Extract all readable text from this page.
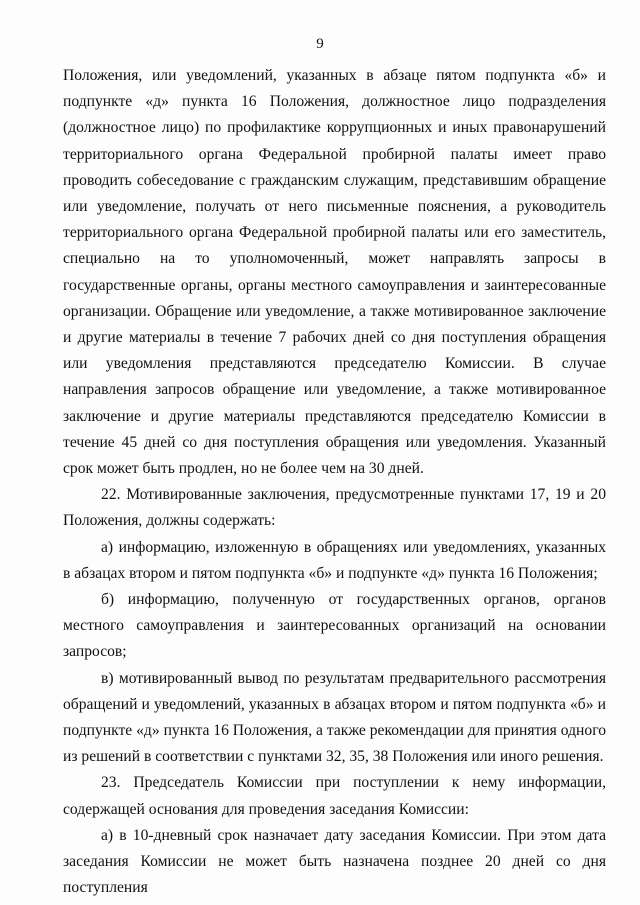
9

Положения, или уведомлений, указанных в абзаце пятом подпункта «б» и подпункте «д» пункта 16 Положения, должностное лицо подразделения (должностное лицо) по профилактике коррупционных и иных правонарушений территориального органа Федеральной пробирной палаты имеет право проводить собеседование с гражданским служащим, представившим обращение или уведомление, получать от него письменные пояснения, а руководитель территориального органа Федеральной пробирной палаты или его заместитель, специально на то уполномоченный, может направлять запросы в государственные органы, органы местного самоуправления и заинтересованные организации. Обращение или уведомление, а также мотивированное заключение и другие материалы в течение 7 рабочих дней со дня поступления обращения или уведомления представляются председателю Комиссии. В случае направления запросов обращение или уведомление, а также мотивированное заключение и другие материалы представляются председателю Комиссии в течение 45 дней со дня поступления обращения или уведомления. Указанный срок может быть продлен, но не более чем на 30 дней.

22. Мотивированные заключения, предусмотренные пунктами 17, 19 и 20 Положения, должны содержать:

а) информацию, изложенную в обращениях или уведомлениях, указанных в абзацах втором и пятом подпункта «б» и подпункте «д» пункта 16 Положения;

б) информацию, полученную от государственных органов, органов местного самоуправления и заинтересованных организаций на основании запросов;

в) мотивированный вывод по результатам предварительного рассмотрения обращений и уведомлений, указанных в абзацах втором и пятом подпункта «б» и подпункте «д» пункта 16 Положения, а также рекомендации для принятия одного из решений в соответствии с пунктами 32, 35, 38 Положения или иного решения.

23. Председатель Комиссии при поступлении к нему информации, содержащей основания для проведения заседания Комиссии:

а) в 10-дневный срок назначает дату заседания Комиссии. При этом дата заседания Комиссии не может быть назначена позднее 20 дней со дня поступления
